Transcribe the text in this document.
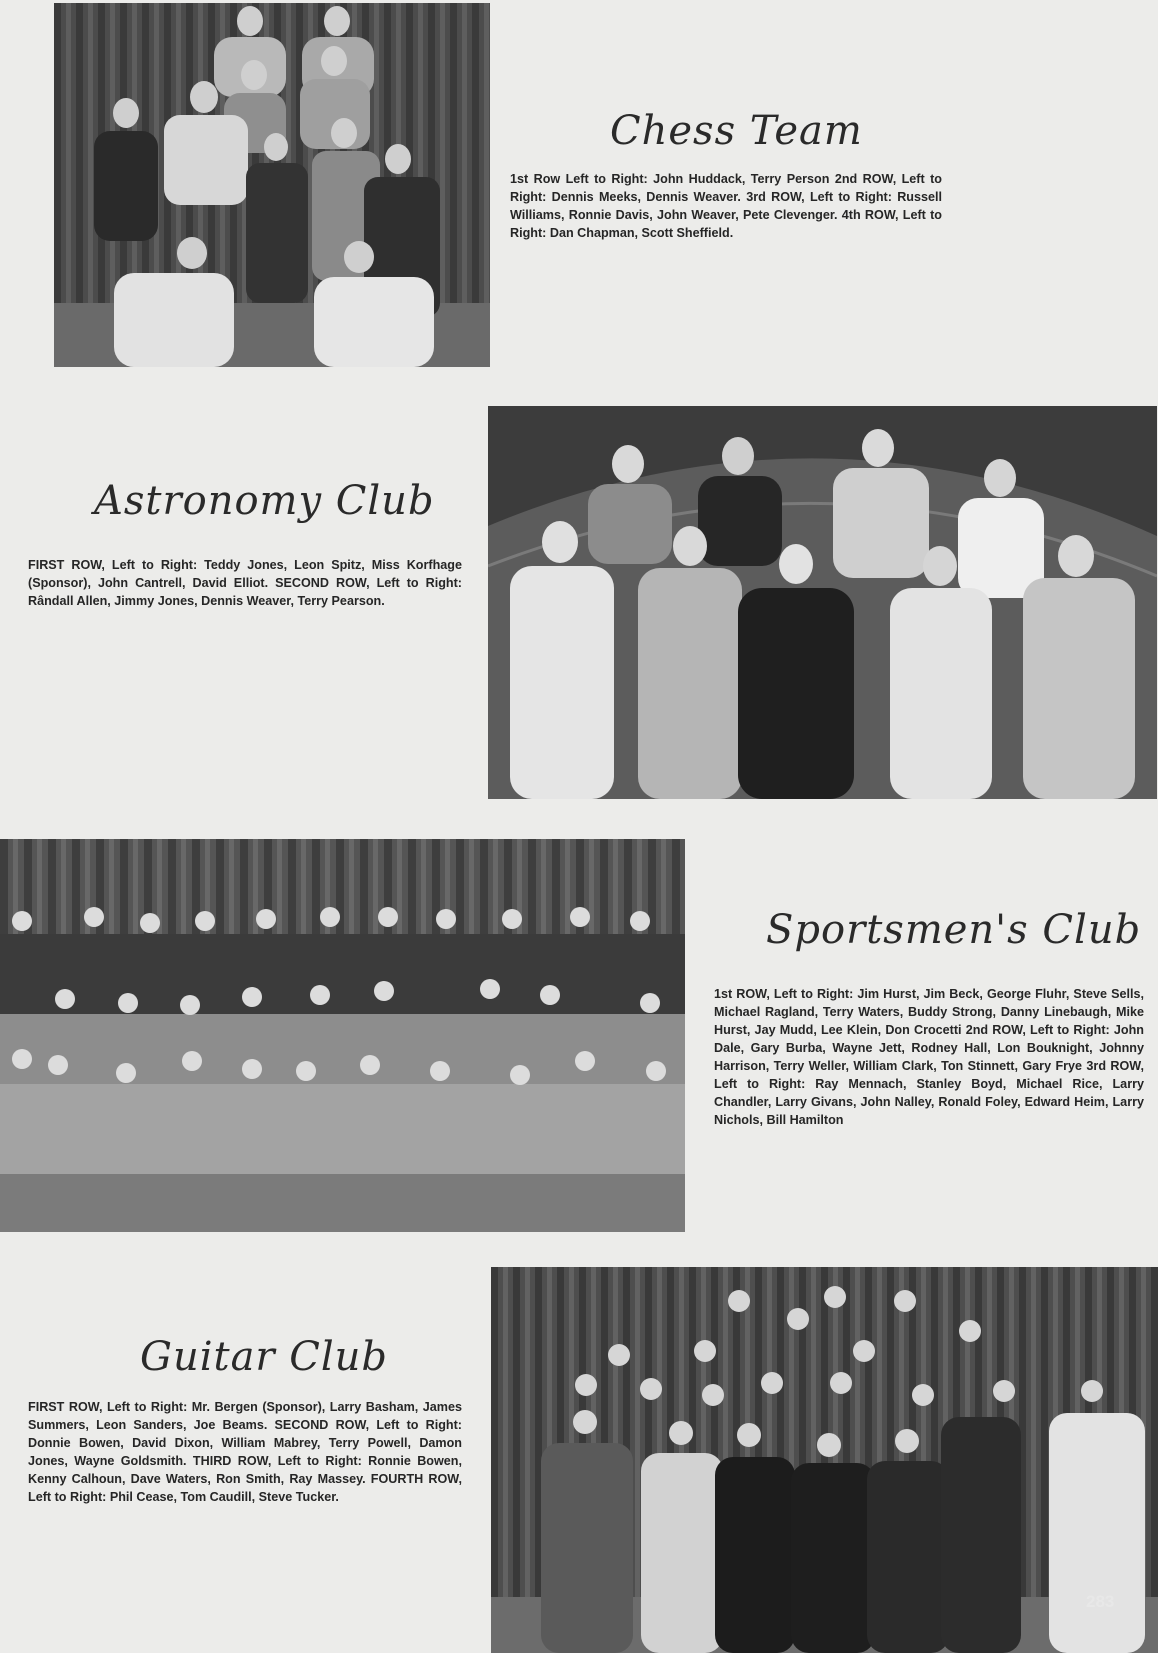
Chess Team

1st Row Left to Right: John Huddack, Terry Person 2nd ROW, Left to Right: Dennis Meeks, Dennis Weaver. 3rd ROW, Left to Right: Russell Williams, Ronnie Davis, John Weaver, Pete Clevenger. 4th ROW, Left to Right: Dan Chapman, Scott Sheffield.

Astronomy Club

FIRST ROW, Left to Right: Teddy Jones, Leon Spitz, Miss Korfhage (Sponsor), John Cantrell, David Elliot. SECOND ROW, Left to Right: Rândall Allen, Jimmy Jones, Dennis Weaver, Terry Pearson.

Sportsmen's Club

1st ROW, Left to Right: Jim Hurst, Jim Beck, George Fluhr, Steve Sells, Michael Ragland, Terry Waters, Buddy Strong, Danny Linebaugh, Mike Hurst, Jay Mudd, Lee Klein, Don Crocetti 2nd ROW, Left to Right: John Dale, Gary Burba, Wayne Jett, Rodney Hall, Lon Bouknight, Johnny Harrison, Terry Weller, William Clark, Ton Stinnett, Gary Frye 3rd ROW, Left to Right: Ray Mennach, Stanley Boyd, Michael Rice, Larry Chandler, Larry Givans, John Nalley, Ronald Foley, Edward Heim, Larry Nichols, Bill Hamilton

Guitar Club

FIRST ROW, Left to Right: Mr. Bergen (Sponsor), Larry Basham, James Summers, Leon Sanders, Joe Beams. SECOND ROW, Left to Right: Donnie Bowen, David Dixon, William Mabrey, Terry Powell, Damon Jones, Wayne Goldsmith. THIRD ROW, Left to Right: Ronnie Bowen, Kenny Calhoun, Dave Waters, Ron Smith, Ray Massey. FOURTH ROW, Left to Right: Phil Cease, Tom Caudill, Steve Tucker.

283
